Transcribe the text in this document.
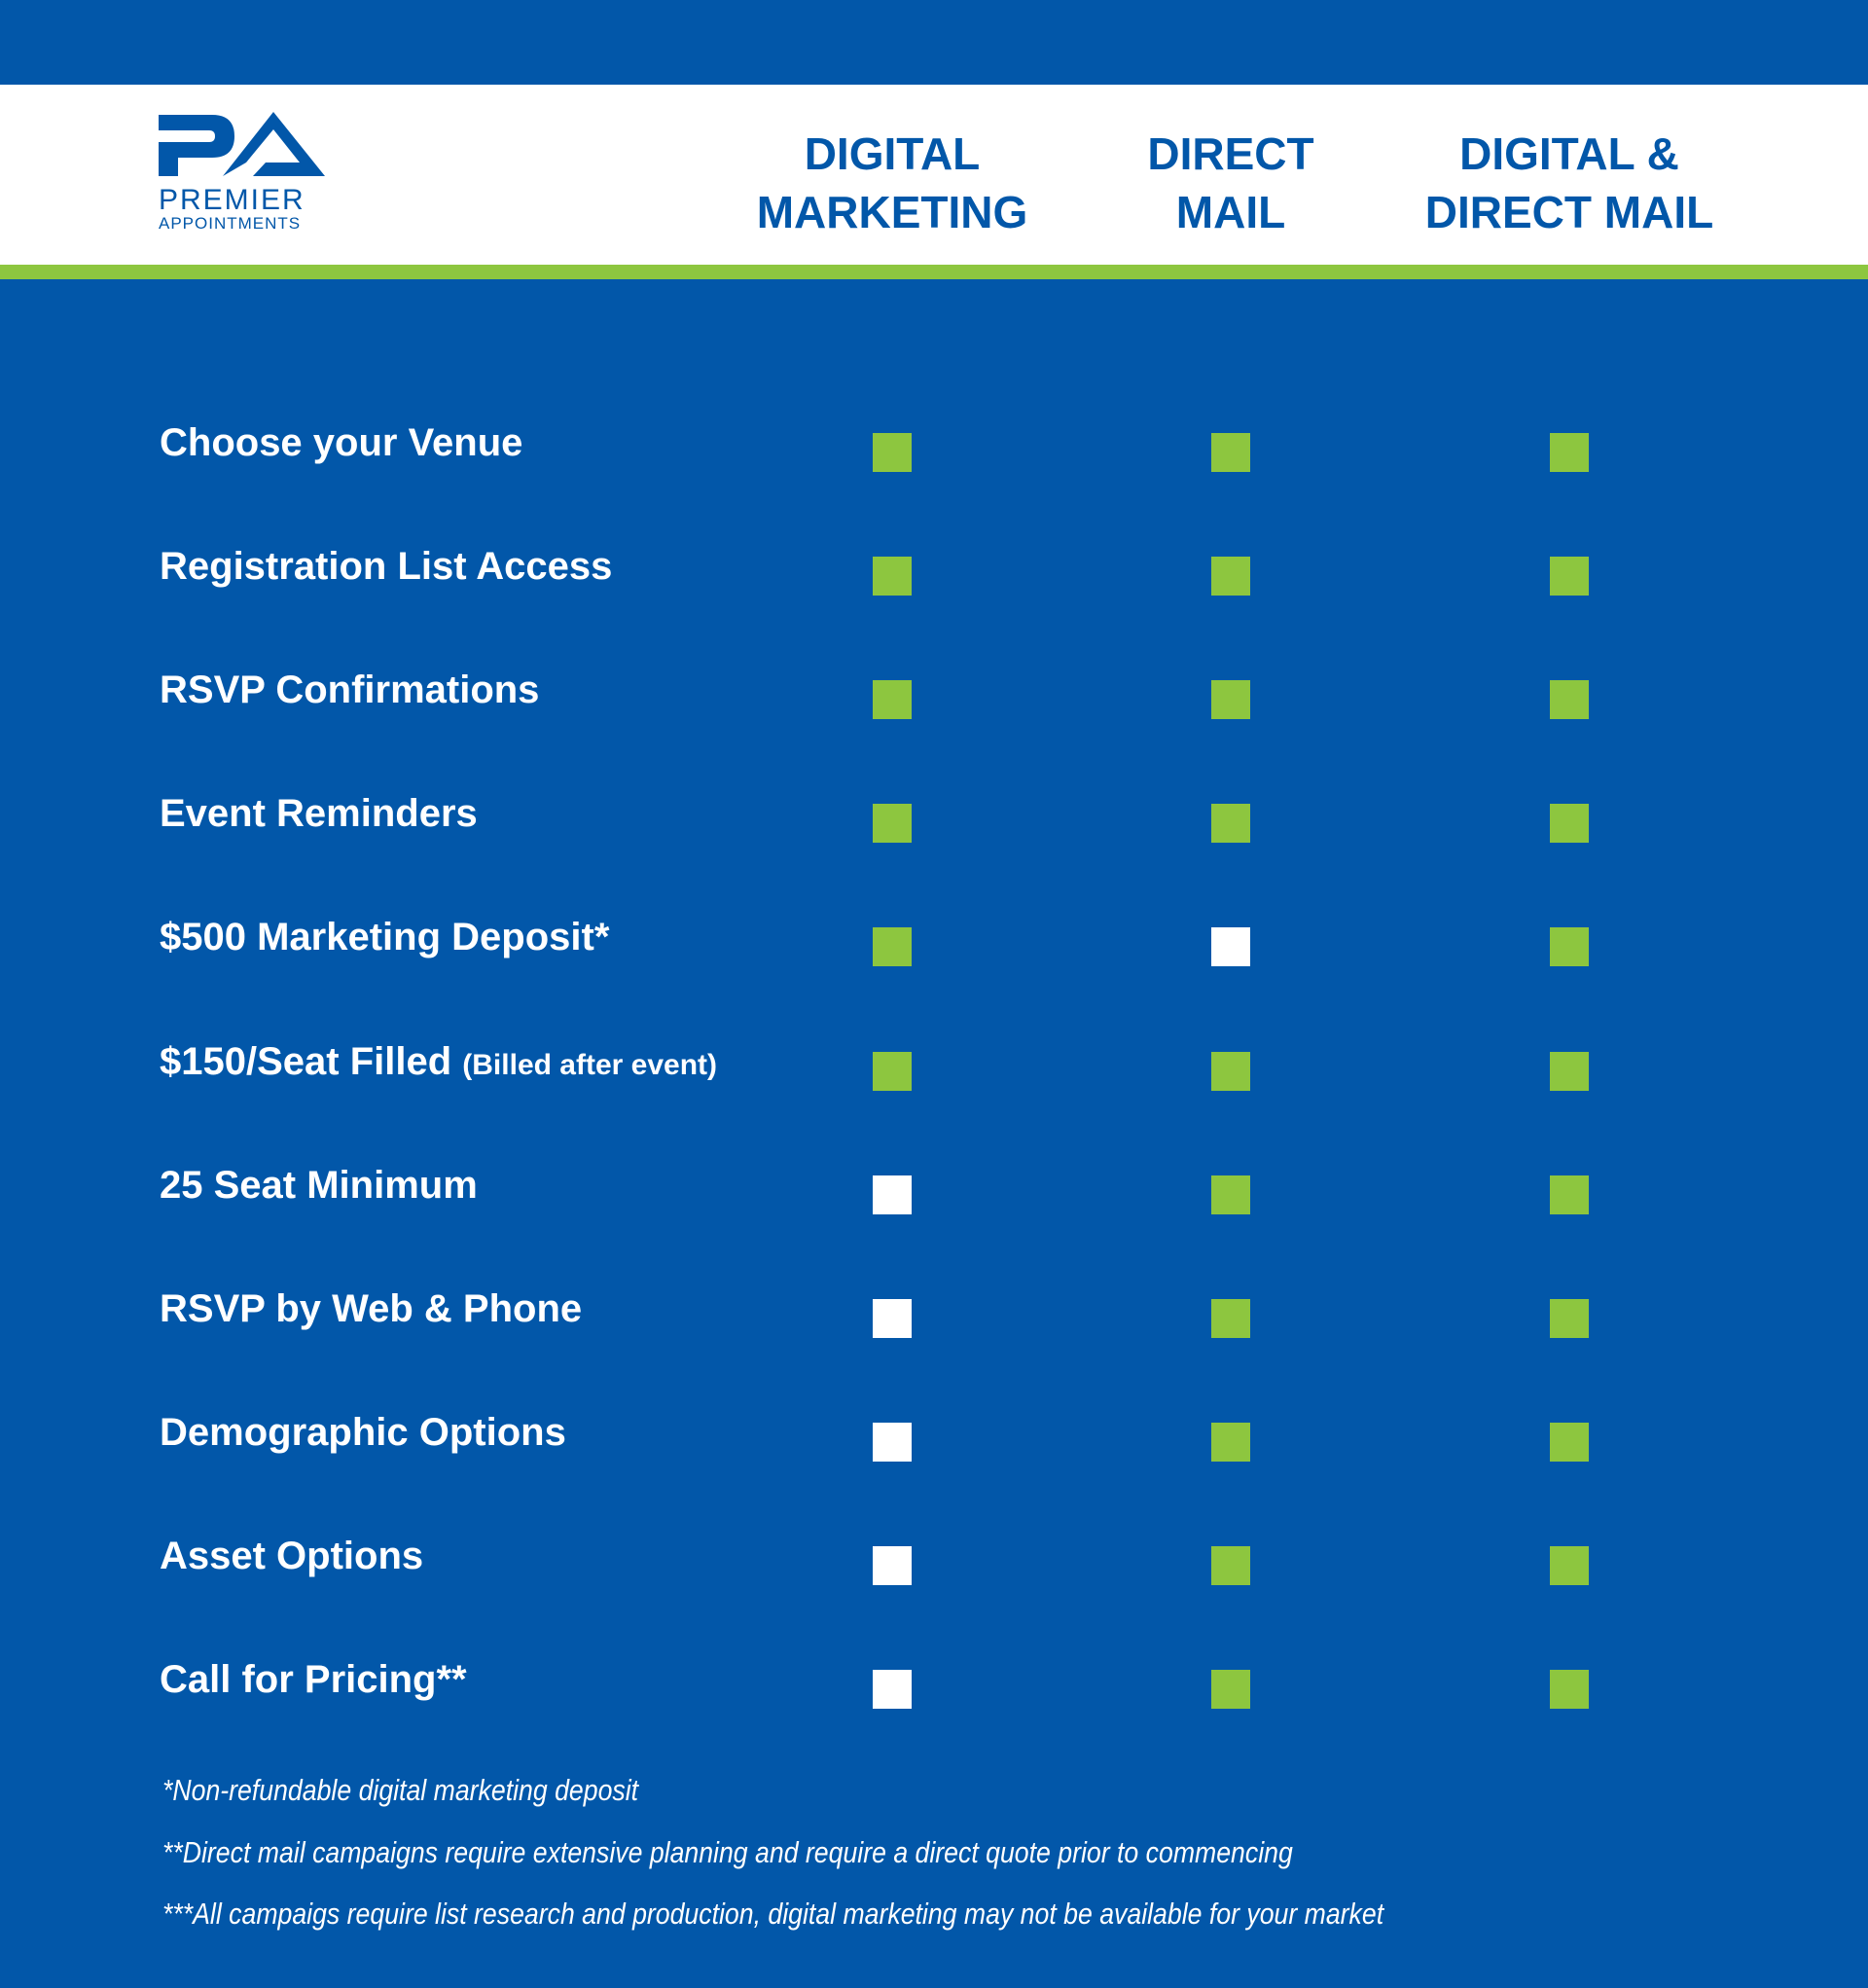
PREMIER
APPOINTMENTS
DIGITAL
MARKETING
DIRECT
MAIL
DIGITAL &
DIRECT MAIL
Choose your Venue
Registration List Access
RSVP Confirmations
Event Reminders
$500 Marketing Deposit*
$150/Seat Filled (Billed after event)
25 Seat Minimum
RSVP by Web & Phone
Demographic Options
Asset Options
Call for Pricing**
*Non-refundable digital marketing deposit
**Direct mail campaigns require extensive planning and require a direct quote prior to commencing
***All campaigs require list research and production, digital marketing may not be available for your market
